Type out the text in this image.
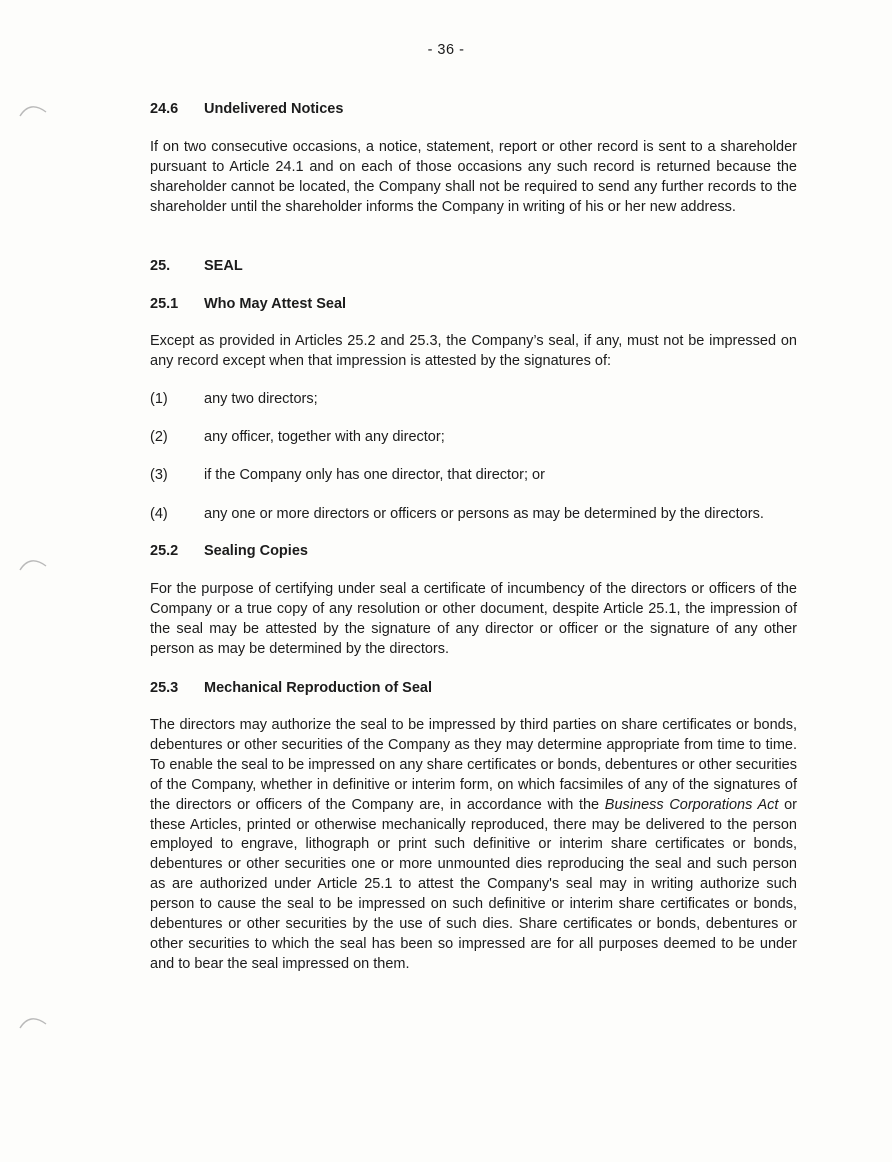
- 36 -
24.6 Undelivered Notices
If on two consecutive occasions, a notice, statement, report or other record is sent to a shareholder pursuant to Article 24.1 and on each of those occasions any such record is returned because the shareholder cannot be located, the Company shall not be required to send any further records to the shareholder until the shareholder informs the Company in writing of his or her new address.
25. SEAL
25.1 Who May Attest Seal
Except as provided in Articles 25.2 and 25.3, the Company’s seal, if any, must not be impressed on any record except when that impression is attested by the signatures of:
(1)	any two directors;
(2)	any officer, together with any director;
(3)	if the Company only has one director, that director; or
(4)	any one or more directors or officers or persons as may be determined by the directors.
25.2 Sealing Copies
For the purpose of certifying under seal a certificate of incumbency of the directors or officers of the Company or a true copy of any resolution or other document, despite Article 25.1, the impression of the seal may be attested by the signature of any director or officer or the signature of any other person as may be determined by the directors.
25.3 Mechanical Reproduction of Seal
The directors may authorize the seal to be impressed by third parties on share certificates or bonds, debentures or other securities of the Company as they may determine appropriate from time to time. To enable the seal to be impressed on any share certificates or bonds, debentures or other securities of the Company, whether in definitive or interim form, on which facsimiles of any of the signatures of the directors or officers of the Company are, in accordance with the Business Corporations Act or these Articles, printed or otherwise mechanically reproduced, there may be delivered to the person employed to engrave, lithograph or print such definitive or interim share certificates or bonds, debentures or other securities one or more unmounted dies reproducing the seal and such person as are authorized under Article 25.1 to attest the Company's seal may in writing authorize such person to cause the seal to be impressed on such definitive or interim share certificates or bonds, debentures or other securities by the use of such dies. Share certificates or bonds, debentures or other securities to which the seal has been so impressed are for all purposes deemed to be under and to bear the seal impressed on them.
